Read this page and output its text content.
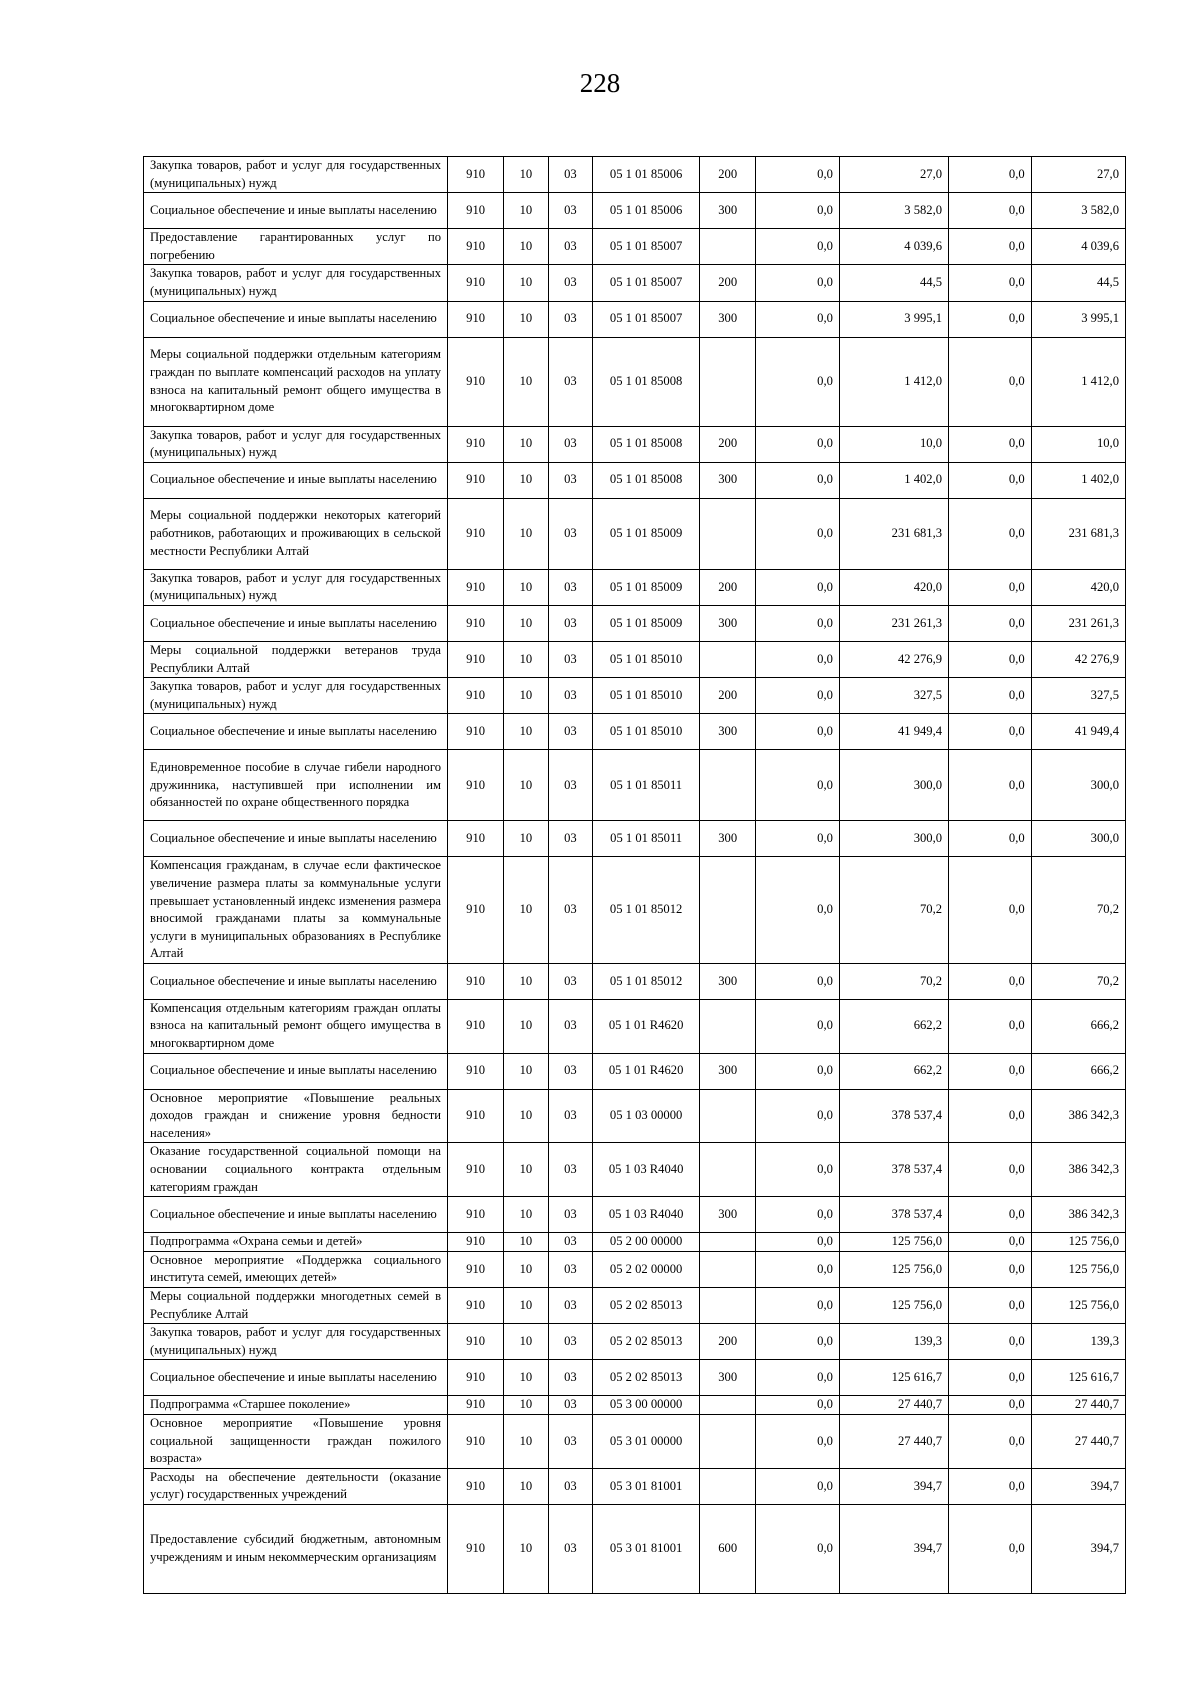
228
Закупка товаров, работ и услуг для государственных (муниципальных) нужд	910	10	03	05 1 01 85006	200	0,0	27,0	0,0	27,0
Социальное обеспечение и иные выплаты населению	910	10	03	05 1 01 85006	300	0,0	3 582,0	0,0	3 582,0
Предоставление гарантированных услуг по погребению	910	10	03	05 1 01 85007		0,0	4 039,6	0,0	4 039,6
Закупка товаров, работ и услуг для государственных (муниципальных) нужд	910	10	03	05 1 01 85007	200	0,0	44,5	0,0	44,5
Социальное обеспечение и иные выплаты населению	910	10	03	05 1 01 85007	300	0,0	3 995,1	0,0	3 995,1
Меры социальной поддержки отдельным категориям граждан по выплате компенсаций расходов на уплату взноса на капитальный ремонт общего имущества в многоквартирном доме	910	10	03	05 1 01 85008		0,0	1 412,0	0,0	1 412,0
Закупка товаров, работ и услуг для государственных (муниципальных) нужд	910	10	03	05 1 01 85008	200	0,0	10,0	0,0	10,0
Социальное обеспечение и иные выплаты населению	910	10	03	05 1 01 85008	300	0,0	1 402,0	0,0	1 402,0
Меры социальной поддержки некоторых категорий работников, работающих и проживающих в сельской местности Республики Алтай	910	10	03	05 1 01 85009		0,0	231 681,3	0,0	231 681,3
Закупка товаров, работ и услуг для государственных (муниципальных) нужд	910	10	03	05 1 01 85009	200	0,0	420,0	0,0	420,0
Социальное обеспечение и иные выплаты населению	910	10	03	05 1 01 85009	300	0,0	231 261,3	0,0	231 261,3
Меры социальной поддержки ветеранов труда Республики Алтай	910	10	03	05 1 01 85010		0,0	42 276,9	0,0	42 276,9
Закупка товаров, работ и услуг для государственных (муниципальных) нужд	910	10	03	05 1 01 85010	200	0,0	327,5	0,0	327,5
Социальное обеспечение и иные выплаты населению	910	10	03	05 1 01 85010	300	0,0	41 949,4	0,0	41 949,4
Единовременное пособие в случае гибели народного дружинника, наступившей при исполнении им обязанностей по охране общественного порядка	910	10	03	05 1 01 85011		0,0	300,0	0,0	300,0
Социальное обеспечение и иные выплаты населению	910	10	03	05 1 01 85011	300	0,0	300,0	0,0	300,0
Компенсация гражданам, в случае если фактическое увеличение размера платы за коммунальные услуги превышает установленный индекс изменения размера вносимой гражданами платы за коммунальные услуги в муниципальных образованиях в Республике Алтай	910	10	03	05 1 01 85012		0,0	70,2	0,0	70,2
Социальное обеспечение и иные выплаты населению	910	10	03	05 1 01 85012	300	0,0	70,2	0,0	70,2
Компенсация отдельным категориям граждан оплаты взноса на капитальный ремонт общего имущества в многоквартирном доме	910	10	03	05 1 01 R4620		0,0	662,2	0,0	666,2
Социальное обеспечение и иные выплаты населению	910	10	03	05 1 01 R4620	300	0,0	662,2	0,0	666,2
Основное мероприятие «Повышение реальных доходов граждан и снижение уровня бедности населения»	910	10	03	05 1 03 00000		0,0	378 537,4	0,0	386 342,3
Оказание государственной социальной помощи на основании социального контракта отдельным категориям граждан	910	10	03	05 1 03 R4040		0,0	378 537,4	0,0	386 342,3
Социальное обеспечение и иные выплаты населению	910	10	03	05 1 03 R4040	300	0,0	378 537,4	0,0	386 342,3
Подпрограмма «Охрана семьи и детей»	910	10	03	05 2 00 00000		0,0	125 756,0	0,0	125 756,0
Основное мероприятие «Поддержка социального института семей, имеющих детей»	910	10	03	05 2 02 00000		0,0	125 756,0	0,0	125 756,0
Меры социальной поддержки многодетных семей в Республике Алтай	910	10	03	05 2 02 85013		0,0	125 756,0	0,0	125 756,0
Закупка товаров, работ и услуг для государственных (муниципальных) нужд	910	10	03	05 2 02 85013	200	0,0	139,3	0,0	139,3
Социальное обеспечение и иные выплаты населению	910	10	03	05 2 02 85013	300	0,0	125 616,7	0,0	125 616,7
Подпрограмма «Старшее поколение»	910	10	03	05 3 00 00000		0,0	27 440,7	0,0	27 440,7
Основное мероприятие «Повышение уровня социальной защищенности граждан пожилого возраста»	910	10	03	05 3 01 00000		0,0	27 440,7	0,0	27 440,7
Расходы на обеспечение деятельности (оказание услуг) государственных учреждений	910	10	03	05 3 01 81001		0,0	394,7	0,0	394,7
Предоставление субсидий бюджетным, автономным учреждениям и иным некоммерческим организациям	910	10	03	05 3 01 81001	600	0,0	394,7	0,0	394,7
